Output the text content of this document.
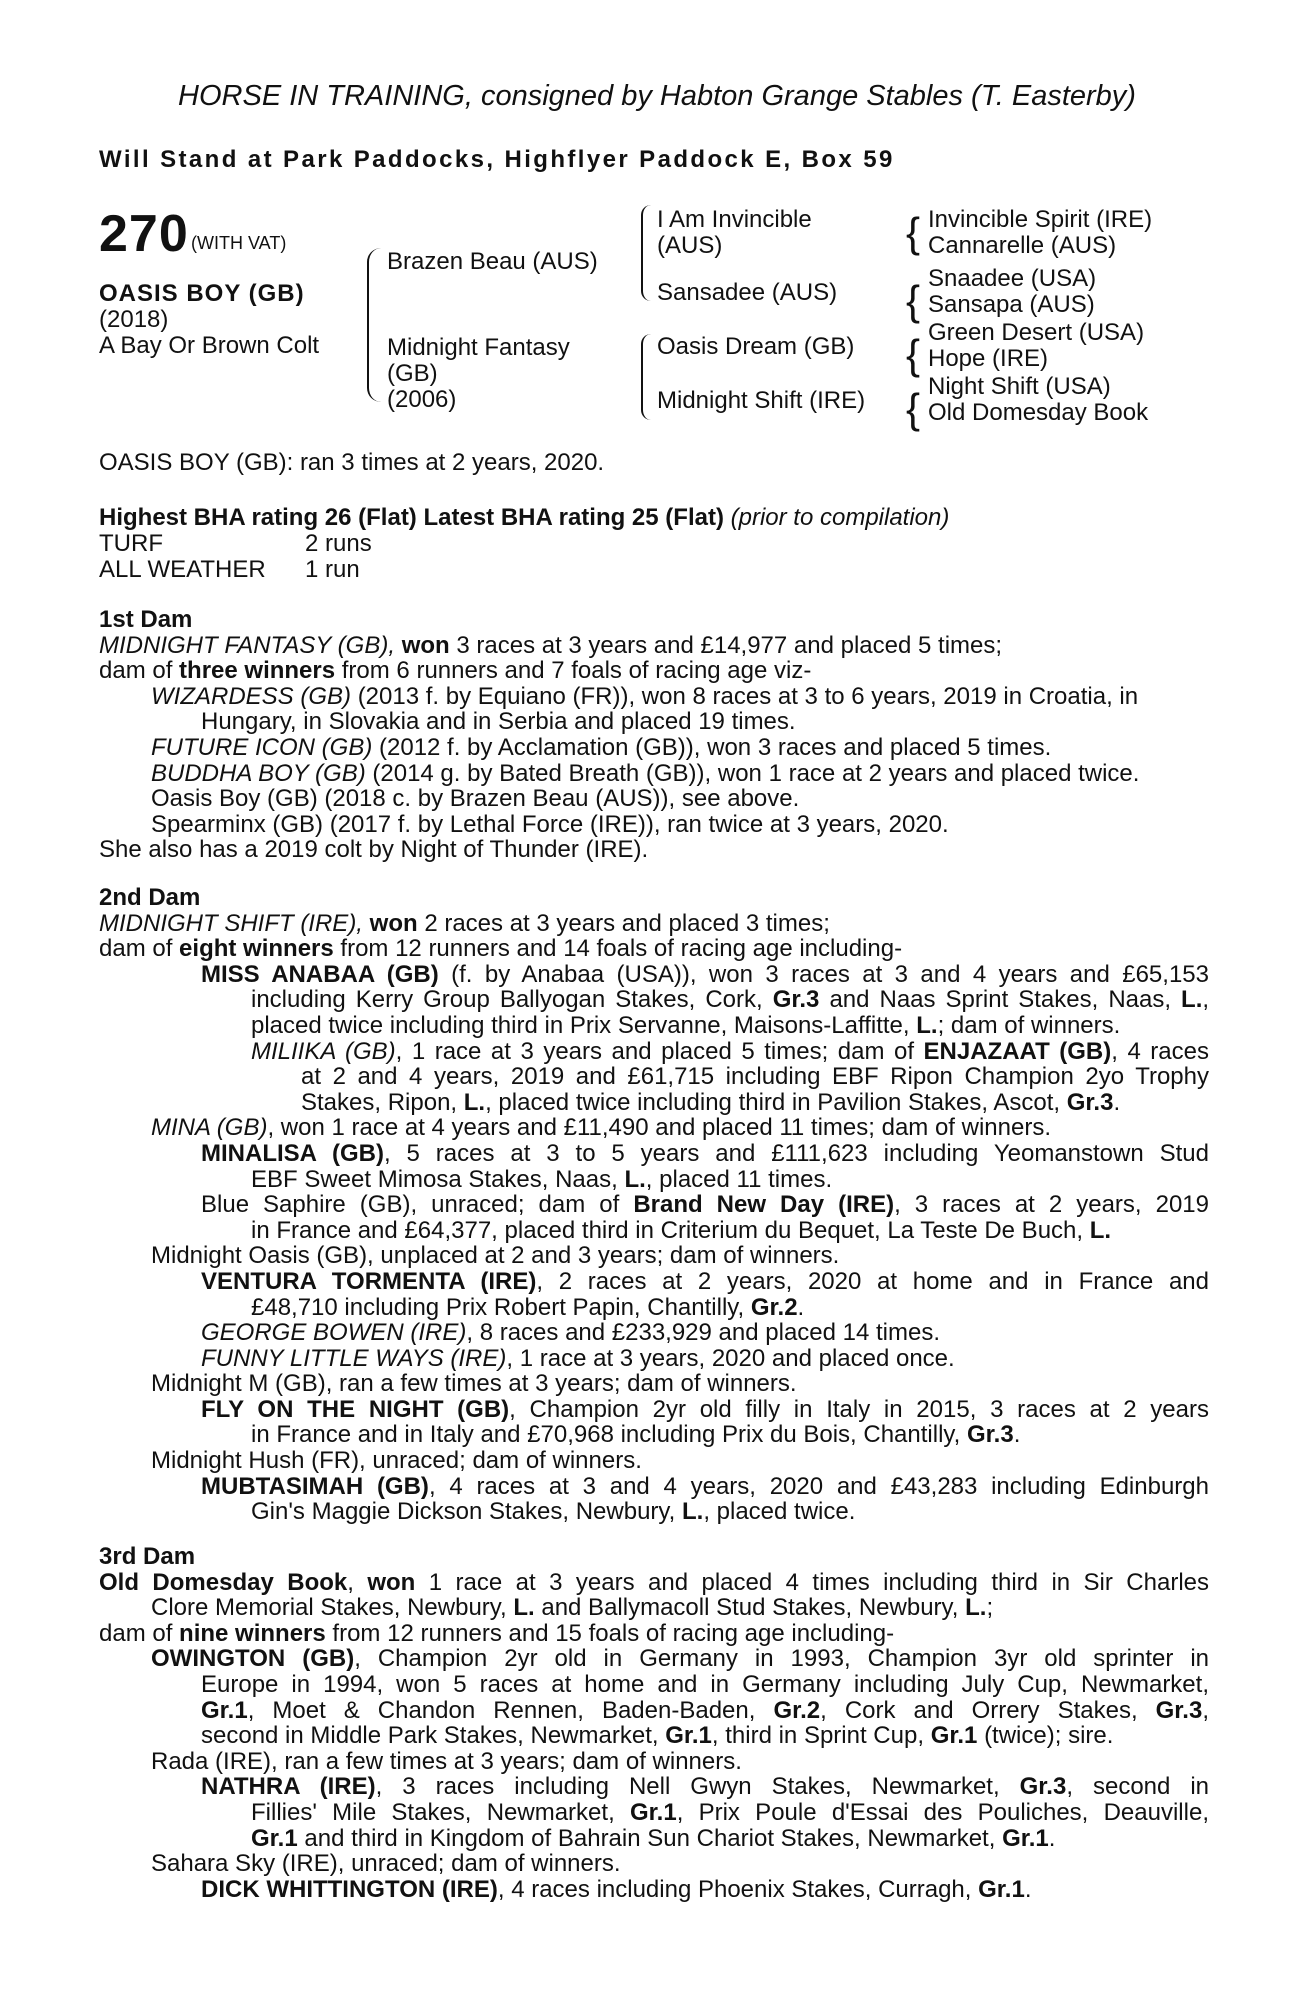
HORSE IN TRAINING, consigned by Habton Grange Stables (T. Easterby)
Will Stand at Park Paddocks, Highflyer Paddock E, Box 59
270 (WITH VAT)
OASIS BOY (GB)
(2018)
A Bay Or Brown Colt
{
{
{
{
Brazen Beau (AUS)
Midnight Fantasy
(GB)
(2006)
I Am Invincible
(AUS)
Sansadee (AUS)
Oasis Dream (GB)
Midnight Shift (IRE)
Invincible Spirit (IRE)
Cannarelle (AUS)
Snaadee (USA)
Sansapa (AUS)
Green Desert (USA)
Hope (IRE)
Night Shift (USA)
Old Domesday Book
OASIS BOY (GB): ran 3 times at 2 years, 2020.
Highest BHA rating 26 (Flat) Latest BHA rating 25 (Flat) (prior to compilation)
TURF	2 runs
ALL WEATHER 1 run
1st Dam
MIDNIGHT FANTASY (GB), won 3 races at 3 years and £14,977 and placed 5 times;
dam of three winners from 6 runners and 7 foals of racing age viz-
WIZARDESS (GB) (2013 f. by Equiano (FR)), won 8 races at 3 to 6 years, 2019 in Croatia, in
Hungary, in Slovakia and in Serbia and placed 19 times.
FUTURE ICON (GB) (2012 f. by Acclamation (GB)), won 3 races and placed 5 times.
BUDDHA BOY (GB) (2014 g. by Bated Breath (GB)), won 1 race at 2 years and placed twice.
Oasis Boy (GB) (2018 c. by Brazen Beau (AUS)), see above.
Spearminx (GB) (2017 f. by Lethal Force (IRE)), ran twice at 3 years, 2020.
She also has a 2019 colt by Night of Thunder (IRE).
2nd Dam
MIDNIGHT SHIFT (IRE), won 2 races at 3 years and placed 3 times;
dam of eight winners from 12 runners and 14 foals of racing age including-
MISS ANABAA (GB) (f. by Anabaa (USA)), won 3 races at 3 and 4 years and £65,153
including Kerry Group Ballyogan Stakes, Cork, Gr.3 and Naas Sprint Stakes, Naas, L.,
placed twice including third in Prix Servanne, Maisons-Laffitte, L.; dam of winners.
MILIIKA (GB), 1 race at 3 years and placed 5 times; dam of ENJAZAAT (GB), 4 races
at 2 and 4 years, 2019 and £61,715 including EBF Ripon Champion 2yo Trophy
Stakes, Ripon, L., placed twice including third in Pavilion Stakes, Ascot, Gr.3.
MINA (GB), won 1 race at 4 years and £11,490 and placed 11 times; dam of winners.
MINALISA (GB), 5 races at 3 to 5 years and £111,623 including Yeomanstown Stud
EBF Sweet Mimosa Stakes, Naas, L., placed 11 times.
Blue Saphire (GB), unraced; dam of Brand New Day (IRE), 3 races at 2 years, 2019
in France and £64,377, placed third in Criterium du Bequet, La Teste De Buch, L.
Midnight Oasis (GB), unplaced at 2 and 3 years; dam of winners.
VENTURA TORMENTA (IRE), 2 races at 2 years, 2020 at home and in France and
£48,710 including Prix Robert Papin, Chantilly, Gr.2.
GEORGE BOWEN (IRE), 8 races and £233,929 and placed 14 times.
FUNNY LITTLE WAYS (IRE), 1 race at 3 years, 2020 and placed once.
Midnight M (GB), ran a few times at 3 years; dam of winners.
FLY ON THE NIGHT (GB), Champion 2yr old filly in Italy in 2015, 3 races at 2 years
in France and in Italy and £70,968 including Prix du Bois, Chantilly, Gr.3.
Midnight Hush (FR), unraced; dam of winners.
MUBTASIMAH (GB), 4 races at 3 and 4 years, 2020 and £43,283 including Edinburgh
Gin's Maggie Dickson Stakes, Newbury, L., placed twice.
3rd Dam
Old Domesday Book, won 1 race at 3 years and placed 4 times including third in Sir Charles
Clore Memorial Stakes, Newbury, L. and Ballymacoll Stud Stakes, Newbury, L.;
dam of nine winners from 12 runners and 15 foals of racing age including-
OWINGTON (GB), Champion 2yr old in Germany in 1993, Champion 3yr old sprinter in
Europe in 1994, won 5 races at home and in Germany including July Cup, Newmarket,
Gr.1, Moet & Chandon Rennen, Baden-Baden, Gr.2, Cork and Orrery Stakes, Gr.3,
second in Middle Park Stakes, Newmarket, Gr.1, third in Sprint Cup, Gr.1 (twice); sire.
Rada (IRE), ran a few times at 3 years; dam of winners.
NATHRA (IRE), 3 races including Nell Gwyn Stakes, Newmarket, Gr.3, second in
Fillies' Mile Stakes, Newmarket, Gr.1, Prix Poule d'Essai des Pouliches, Deauville,
Gr.1 and third in Kingdom of Bahrain Sun Chariot Stakes, Newmarket, Gr.1.
Sahara Sky (IRE), unraced; dam of winners.
DICK WHITTINGTON (IRE), 4 races including Phoenix Stakes, Curragh, Gr.1.
